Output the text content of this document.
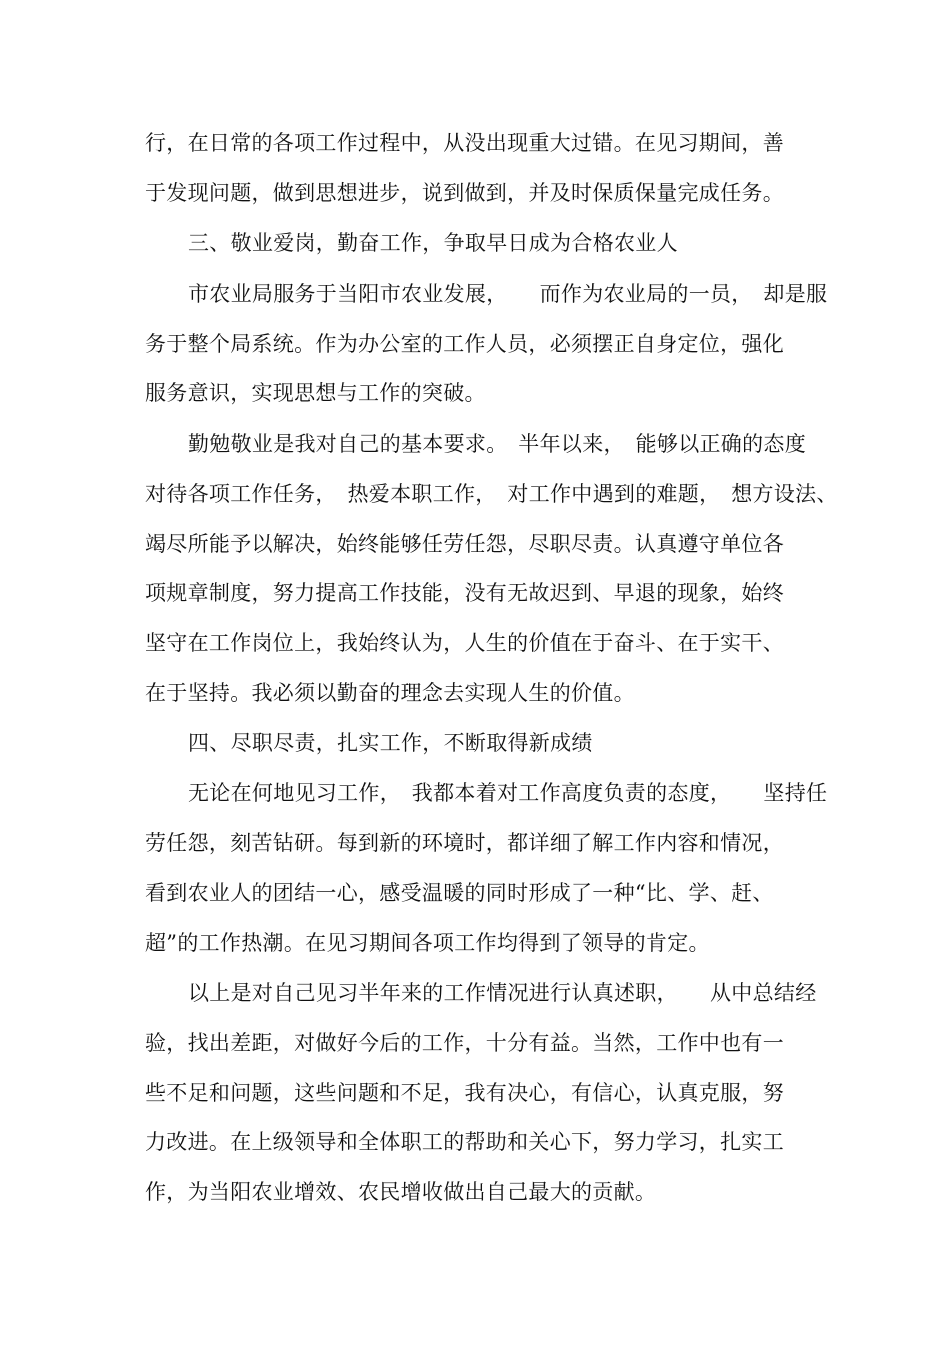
行，在日常的各项工作过程中，从没出现重大过错。在见习期间，善
于发现问题，做到思想进步，说到做到，并及时保质保量完成任务。
三、敬业爱岗，勤奋工作，争取早日成为合格农业人
市农业局服务于当阳市农业发展，　　而作为农业局的一员，　却是服
务于整个局系统。作为办公室的工作人员，必须摆正自身定位，强化
服务意识，实现思想与工作的突破。
勤勉敬业是我对自己的基本要求。　半年以来，　能够以正确的态度
对待各项工作任务，　热爱本职工作，　对工作中遇到的难题，　想方设法、
竭尽所能予以解决，始终能够任劳任怨，尽职尽责。认真遵守单位各
项规章制度，努力提高工作技能，没有无故迟到、早退的现象，始终
坚守在工作岗位上，我始终认为，人生的价值在于奋斗、在于实干、
在于坚持。我必须以勤奋的理念去实现人生的价值。
四、尽职尽责，扎实工作，不断取得新成绩
无论在何地见习工作，　我都本着对工作高度负责的态度，　　坚持任
劳任怨，刻苦钻研。每到新的环境时，都详细了解工作内容和情况，
看到农业人的团结一心，感受温暖的同时形成了一种“比、学、赶、
超”的工作热潮。在见习期间各项工作均得到了领导的肯定。
以上是对自己见习半年来的工作情况进行认真述职，　　从中总结经
验，找出差距，对做好今后的工作，十分有益。当然，工作中也有一
些不足和问题，这些问题和不足，我有决心，有信心，认真克服，努
力改进。在上级领导和全体职工的帮助和关心下，努力学习，扎实工
作，为当阳农业增效、农民增收做出自己最大的贡献。
